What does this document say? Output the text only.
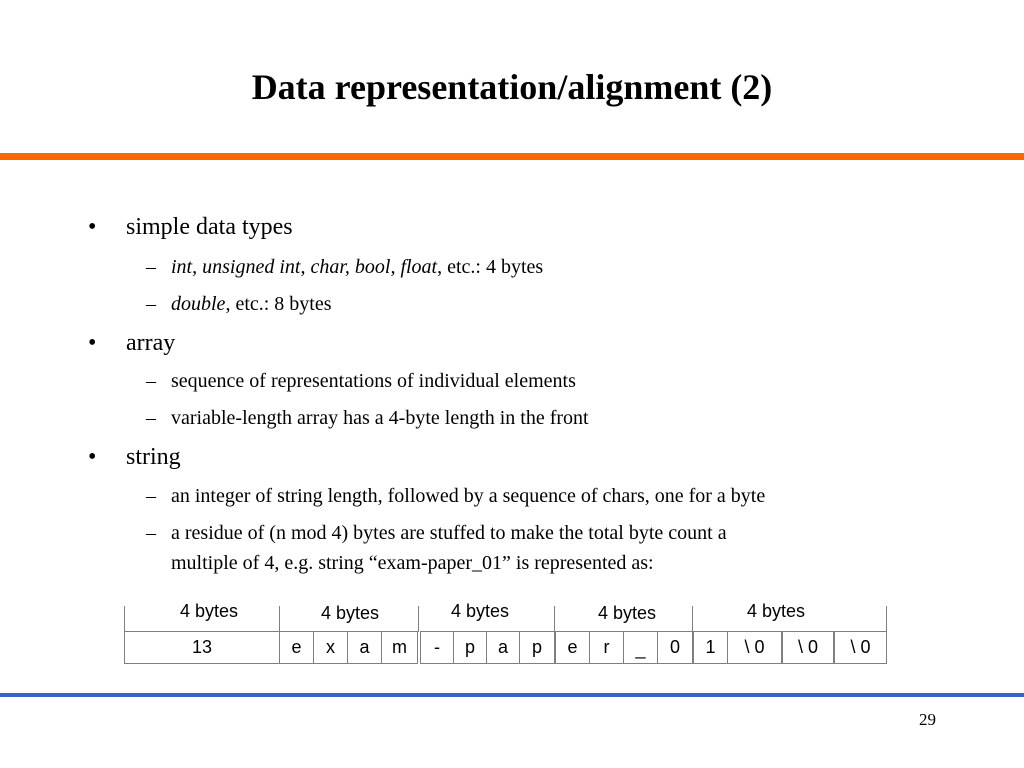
Data representation/alignment (2)
• simple data types
– int, unsigned int, char, bool, float, etc.: 4 bytes
– double, etc.: 8 bytes
• array
– sequence of representations of individual elements
– variable-length array has a 4-byte length in the front
• string
– an integer of string length, followed by a sequence of chars, one for a byte
– a residue of (n mod 4) bytes are stuffed to make the total byte count a
multiple of 4, e.g. string “exam-paper_01” is represented as:
4 bytes	4 bytes	4 bytes	4 bytes	4 bytes
13	e	x	a	m	-	p	a	p	e	r	_	0	1	\ 0	\ 0	\ 0
29
